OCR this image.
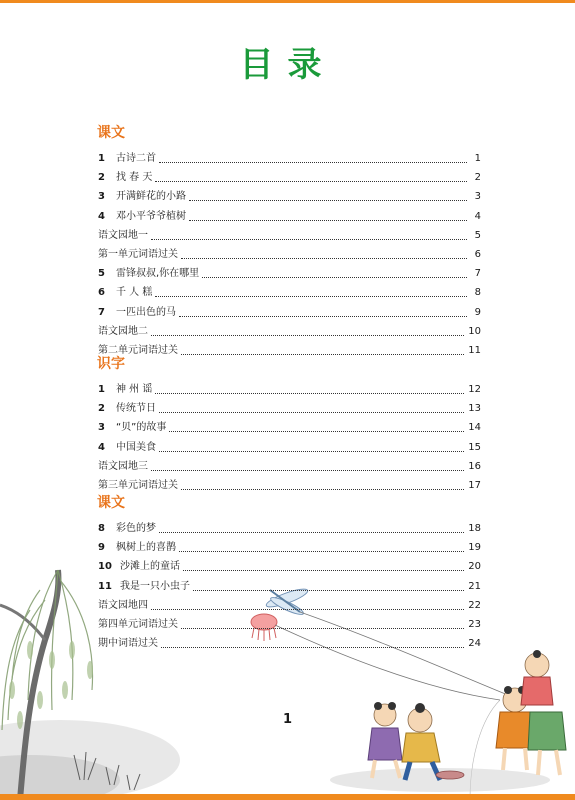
目录
课文
1	古诗二首	1
2	找 春 天	2
3	开满鲜花的小路	3
4	邓小平爷爷植树	4
语文园地一	5
第一单元词语过关	6
5	雷锋叔叔,你在哪里	7
6	千 人 糕	8
7	一匹出色的马	9
语文园地二	10
第二单元词语过关	11
识字
1	神 州 谣	12
2	传统节日	13
3	“贝”的故事	14
4	中国美食	15
语文园地三	16
第三单元词语过关	17
课文
8	彩色的梦	18
9	枫树上的喜鹊	19
10 沙滩上的童话	20
11 我是一只小虫子	21
语文园地四	22
第四单元词语过关	23
期中词语过关	24
1
